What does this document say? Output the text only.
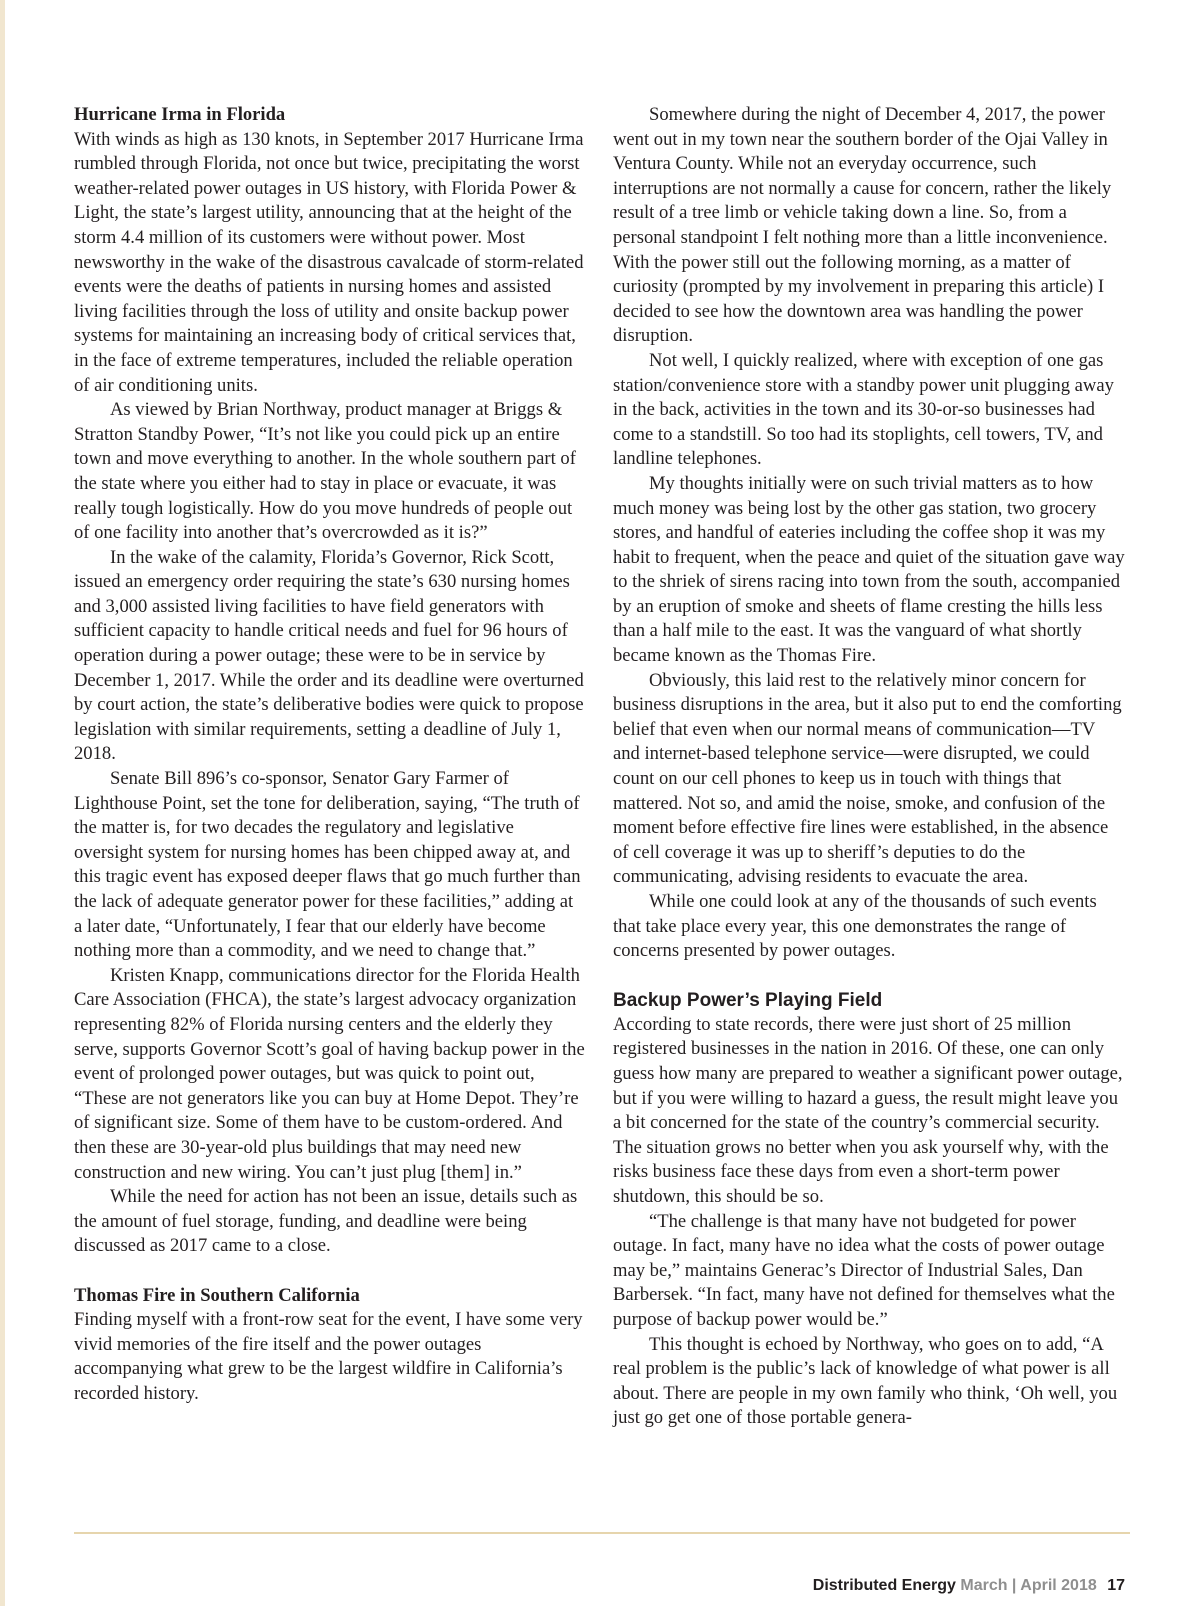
Hurricane Irma in Florida

With winds as high as 130 knots, in September 2017 Hurricane Irma rumbled through Florida, not once but twice, precipitating the worst weather-related power outages in US history, with Florida Power & Light, the state’s largest utility, announcing that at the height of the storm 4.4 million of its customers were without power. Most newsworthy in the wake of the disastrous cavalcade of storm-related events were the deaths of patients in nursing homes and assisted living facilities through the loss of utility and onsite backup power systems for maintaining an increasing body of critical services that, in the face of extreme temperatures, included the reliable operation of air conditioning units.

As viewed by Brian Northway, product manager at Briggs & Stratton Standby Power, “It’s not like you could pick up an entire town and move everything to another. In the whole southern part of the state where you either had to stay in place or evacuate, it was really tough logistically. How do you move hundreds of people out of one facility into another that’s overcrowded as it is?”

In the wake of the calamity, Florida’s Governor, Rick Scott, issued an emergency order requiring the state’s 630 nursing homes and 3,000 assisted living facilities to have field generators with sufficient capacity to handle critical needs and fuel for 96 hours of operation during a power outage; these were to be in service by December 1, 2017. While the order and its deadline were overturned by court action, the state’s deliberative bodies were quick to propose legislation with similar requirements, setting a deadline of July 1, 2018.

Senate Bill 896’s co-sponsor, Senator Gary Farmer of Lighthouse Point, set the tone for deliberation, saying, “The truth of the matter is, for two decades the regulatory and legislative oversight system for nursing homes has been chipped away at, and this tragic event has exposed deeper flaws that go much further than the lack of adequate generator power for these facilities,” adding at a later date, “Unfortunately, I fear that our elderly have become nothing more than a commodity, and we need to change that.”

Kristen Knapp, communications director for the Florida Health Care Association (FHCA), the state’s largest advocacy organization representing 82% of Florida nursing centers and the elderly they serve, supports Governor Scott’s goal of having backup power in the event of prolonged power outages, but was quick to point out, “These are not generators like you can buy at Home Depot. They’re of significant size. Some of them have to be custom-ordered. And then these are 30-year-old plus buildings that may need new construction and new wiring. You can’t just plug [them] in.”

While the need for action has not been an issue, details such as the amount of fuel storage, funding, and deadline were being discussed as 2017 came to a close.

Thomas Fire in Southern California

Finding myself with a front-row seat for the event, I have some very vivid memories of the fire itself and the power outages accompanying what grew to be the largest wildfire in California’s recorded history.

Somewhere during the night of December 4, 2017, the power went out in my town near the southern border of the Ojai Valley in Ventura County. While not an everyday occurrence, such interruptions are not normally a cause for concern, rather the likely result of a tree limb or vehicle taking down a line. So, from a personal standpoint I felt nothing more than a little inconvenience. With the power still out the following morning, as a matter of curiosity (prompted by my involvement in preparing this article) I decided to see how the downtown area was handling the power disruption.

Not well, I quickly realized, where with exception of one gas station/convenience store with a standby power unit plugging away in the back, activities in the town and its 30-or-so businesses had come to a standstill. So too had its stoplights, cell towers, TV, and landline telephones.

My thoughts initially were on such trivial matters as to how much money was being lost by the other gas station, two grocery stores, and handful of eateries including the coffee shop it was my habit to frequent, when the peace and quiet of the situation gave way to the shriek of sirens racing into town from the south, accompanied by an eruption of smoke and sheets of flame cresting the hills less than a half mile to the east. It was the vanguard of what shortly became known as the Thomas Fire.

Obviously, this laid rest to the relatively minor concern for business disruptions in the area, but it also put to end the comforting belief that even when our normal means of communication—TV and internet-based telephone service—were disrupted, we could count on our cell phones to keep us in touch with things that mattered. Not so, and amid the noise, smoke, and confusion of the moment before effective fire lines were established, in the absence of cell coverage it was up to sheriff’s deputies to do the communicating, advising residents to evacuate the area.

While one could look at any of the thousands of such events that take place every year, this one demonstrates the range of concerns presented by power outages.

Backup Power’s Playing Field

According to state records, there were just short of 25 million registered businesses in the nation in 2016. Of these, one can only guess how many are prepared to weather a significant power outage, but if you were willing to hazard a guess, the result might leave you a bit concerned for the state of the country’s commercial security. The situation grows no better when you ask yourself why, with the risks business face these days from even a short-term power shutdown, this should be so.

“The challenge is that many have not budgeted for power outage. In fact, many have no idea what the costs of power outage may be,” maintains Generac’s Director of Industrial Sales, Dan Barbersek. “In fact, many have not defined for themselves what the purpose of backup power would be.”

This thought is echoed by Northway, who goes on to add, “A real problem is the public’s lack of knowledge of what power is all about. There are people in my own family who think, ‘Oh well, you just go get one of those portable genera-

Distributed Energy March | April 2018 17
